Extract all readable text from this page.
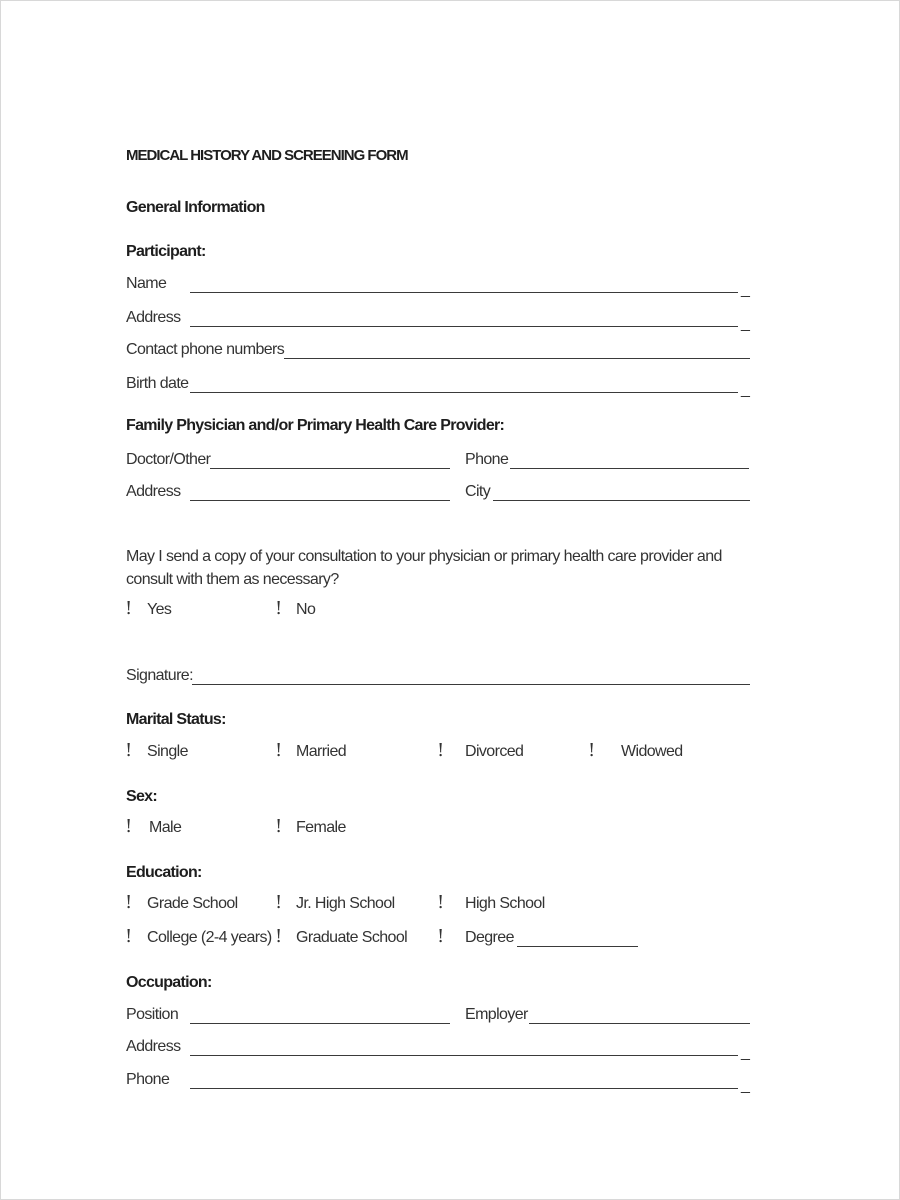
MEDICAL HISTORY AND SCREENING FORM
General Information
Participant:
Name	_
Address	_
Contact phone numbers
Birth date	_
Family Physician and/or Primary Health Care Provider:
Doctor/Other	Phone
Address	City
May I send a copy of your consultation to your physician or primary health care provider and
consult with them as necessary?
! Yes	! No
Signature:
Marital Status:
! Single	! Married	! Divorced	! Widowed
Sex:
! Male	! Female
Education:
! Grade School ! Jr. High School ! High School
! College (2-4 years) ! Graduate School ! Degree
Occupation:
Position	Employer
Address	_
Phone	_
